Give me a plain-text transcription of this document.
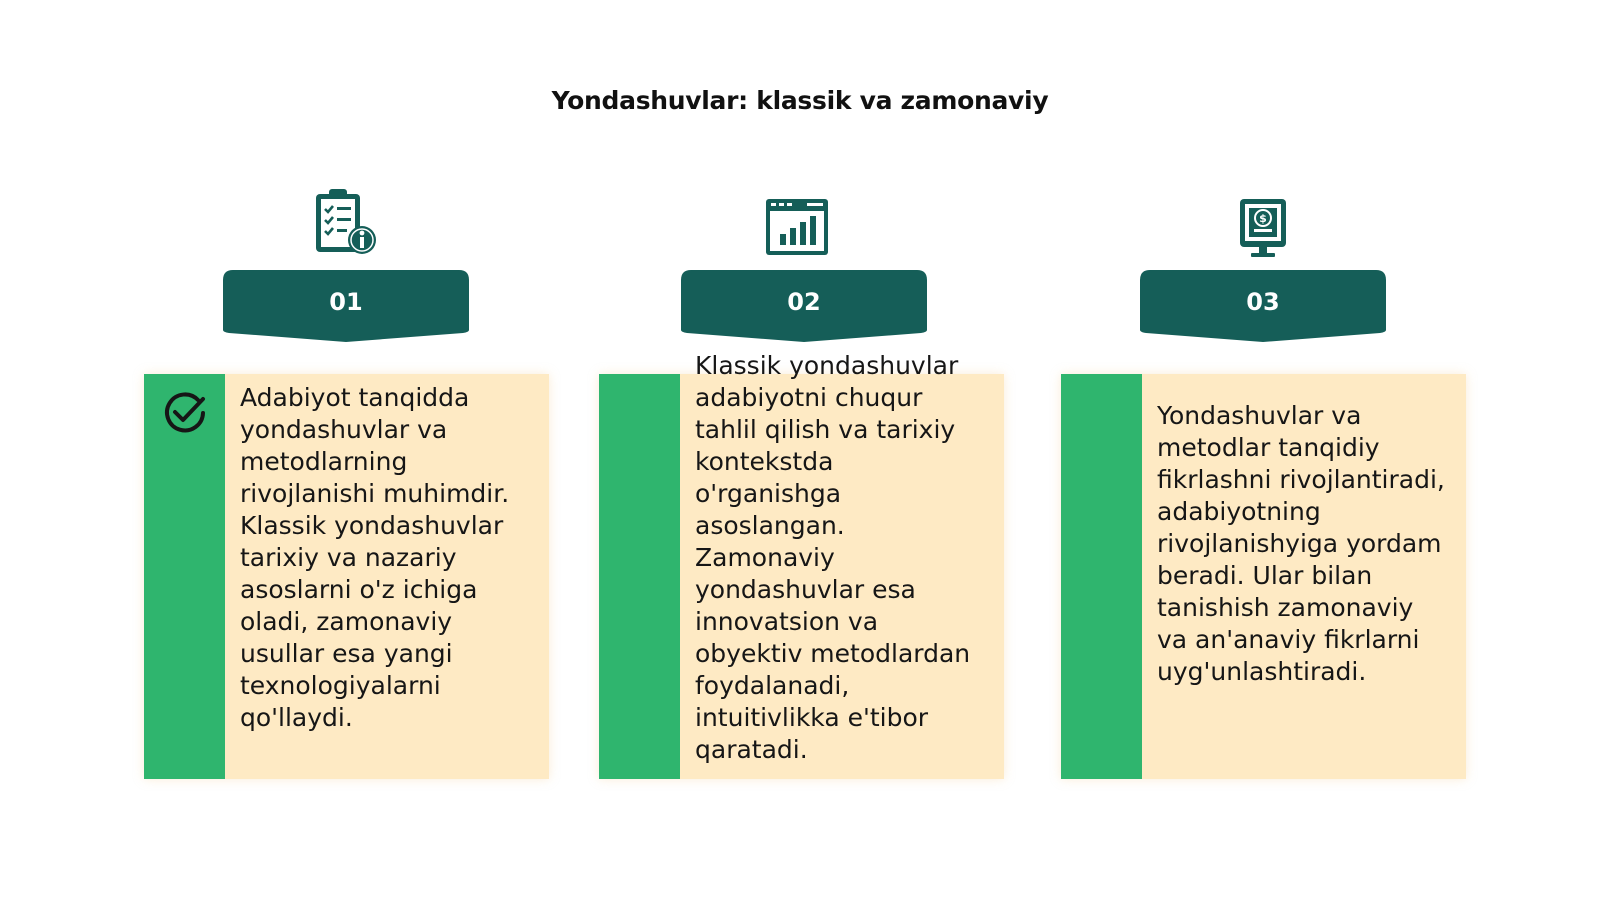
Yondashuvlar: klassik va zamonaviy
01

Adabiyot tanqidda yondashuvlar va metodlarning rivojlanishi muhimdir. Klassik yondashuvlar tarixiy va nazariy asoslarni o'z ichiga oladi, zamonaviy usullar esa yangi texnologiyalarni qo'llaydi.

02

Klassik yondashuvlar adabiyotni chuqur tahlil qilish va tarixiy kontekstda o'rganishga asoslangan. Zamonaviy yondashuvlar esa innovatsion va obyektiv metodlardan foydalanadi, intuitivlikka e'tibor qaratadi.

$
03

Yondashuvlar va metodlar tanqidiy fikrlashni rivojlantiradi, adabiyotning rivojlanishyiga yordam beradi. Ular bilan tanishish zamonaviy va an'anaviy fikrlarni uyg'unlashtiradi.
